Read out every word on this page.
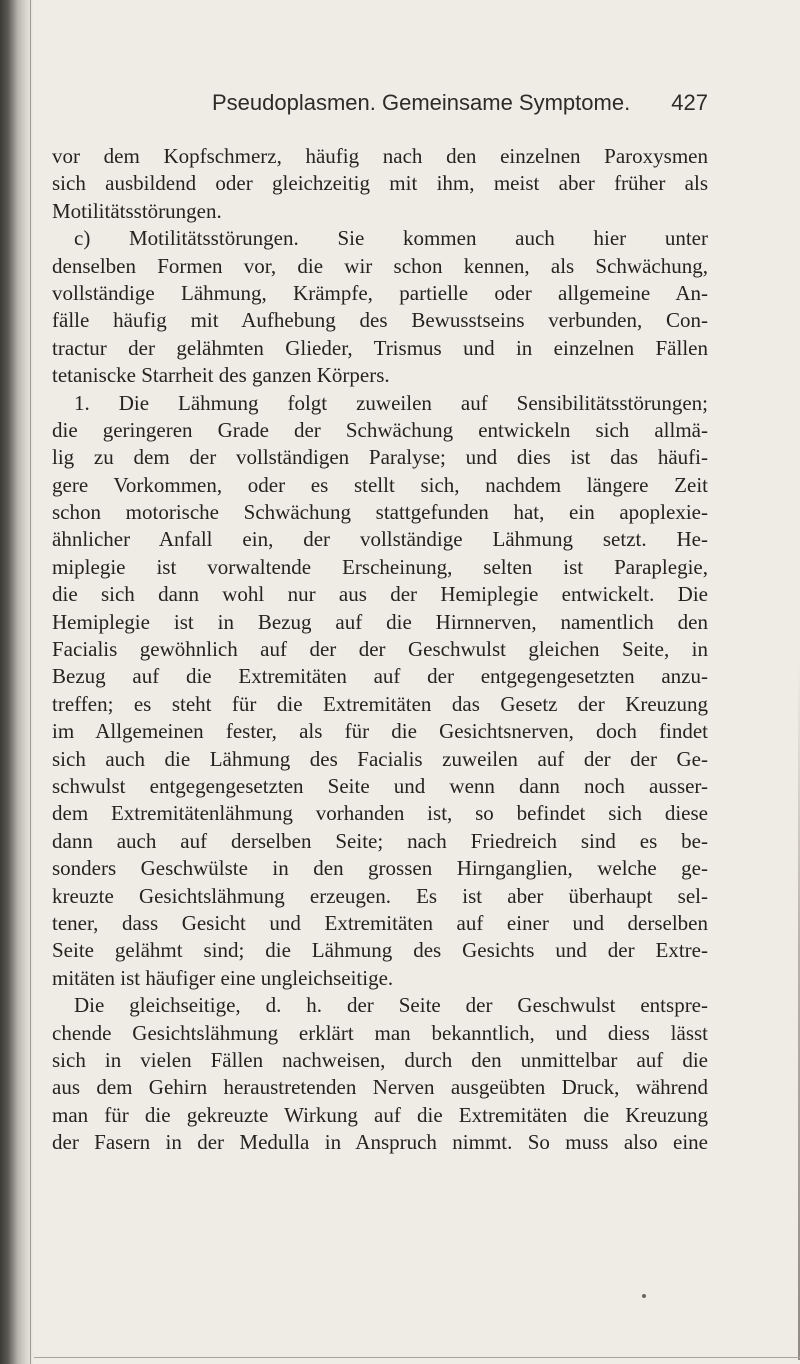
Pseudoplasmen. Gemeinsame Symptome. 427
vor dem Kopfschmerz, häufig nach den einzelnen Paroxysmen
sich ausbildend oder gleichzeitig mit ihm, meist aber früher als
Motilitätsstörungen.
c) Motilitätsstörungen. Sie kommen auch hier unter
denselben Formen vor, die wir schon kennen, als Schwächung,
vollständige Lähmung, Krämpfe, partielle oder allgemeine An-
fälle häufig mit Aufhebung des Bewusstseins verbunden, Con-
tractur der gelähmten Glieder, Trismus und in einzelnen Fällen
tetaniscke Starrheit des ganzen Körpers.
1. Die Lähmung folgt zuweilen auf Sensibilitätsstörungen;
die geringeren Grade der Schwächung entwickeln sich allmä-
lig zu dem der vollständigen Paralyse; und dies ist das häufi-
gere Vorkommen, oder es stellt sich, nachdem längere Zeit
schon motorische Schwächung stattgefunden hat, ein apoplexie-
ähnlicher Anfall ein, der vollständige Lähmung setzt. He-
miplegie ist vorwaltende Erscheinung, selten ist Paraplegie,
die sich dann wohl nur aus der Hemiplegie entwickelt. Die
Hemiplegie ist in Bezug auf die Hirnnerven, namentlich den
Facialis gewöhnlich auf der der Geschwulst gleichen Seite, in
Bezug auf die Extremitäten auf der entgegengesetzten anzu-
treffen; es steht für die Extremitäten das Gesetz der Kreuzung
im Allgemeinen fester, als für die Gesichtsnerven, doch findet
sich auch die Lähmung des Facialis zuweilen auf der der Ge-
schwulst entgegengesetzten Seite und wenn dann noch ausser-
dem Extremitätenlähmung vorhanden ist, so befindet sich diese
dann auch auf derselben Seite; nach Friedreich sind es be-
sonders Geschwülste in den grossen Hirnganglien, welche ge-
kreuzte Gesichtslähmung erzeugen. Es ist aber überhaupt sel-
tener, dass Gesicht und Extremitäten auf einer und derselben
Seite gelähmt sind; die Lähmung des Gesichts und der Extre-
mitäten ist häufiger eine ungleichseitige.
Die gleichseitige, d. h. der Seite der Geschwulst entspre-
chende Gesichtslähmung erklärt man bekanntlich, und diess lässt
sich in vielen Fällen nachweisen, durch den unmittelbar auf die
aus dem Gehirn heraustretenden Nerven ausgeübten Druck, während
man für die gekreuzte Wirkung auf die Extremitäten die Kreuzung
der Fasern in der Medulla in Anspruch nimmt. So muss also eine
